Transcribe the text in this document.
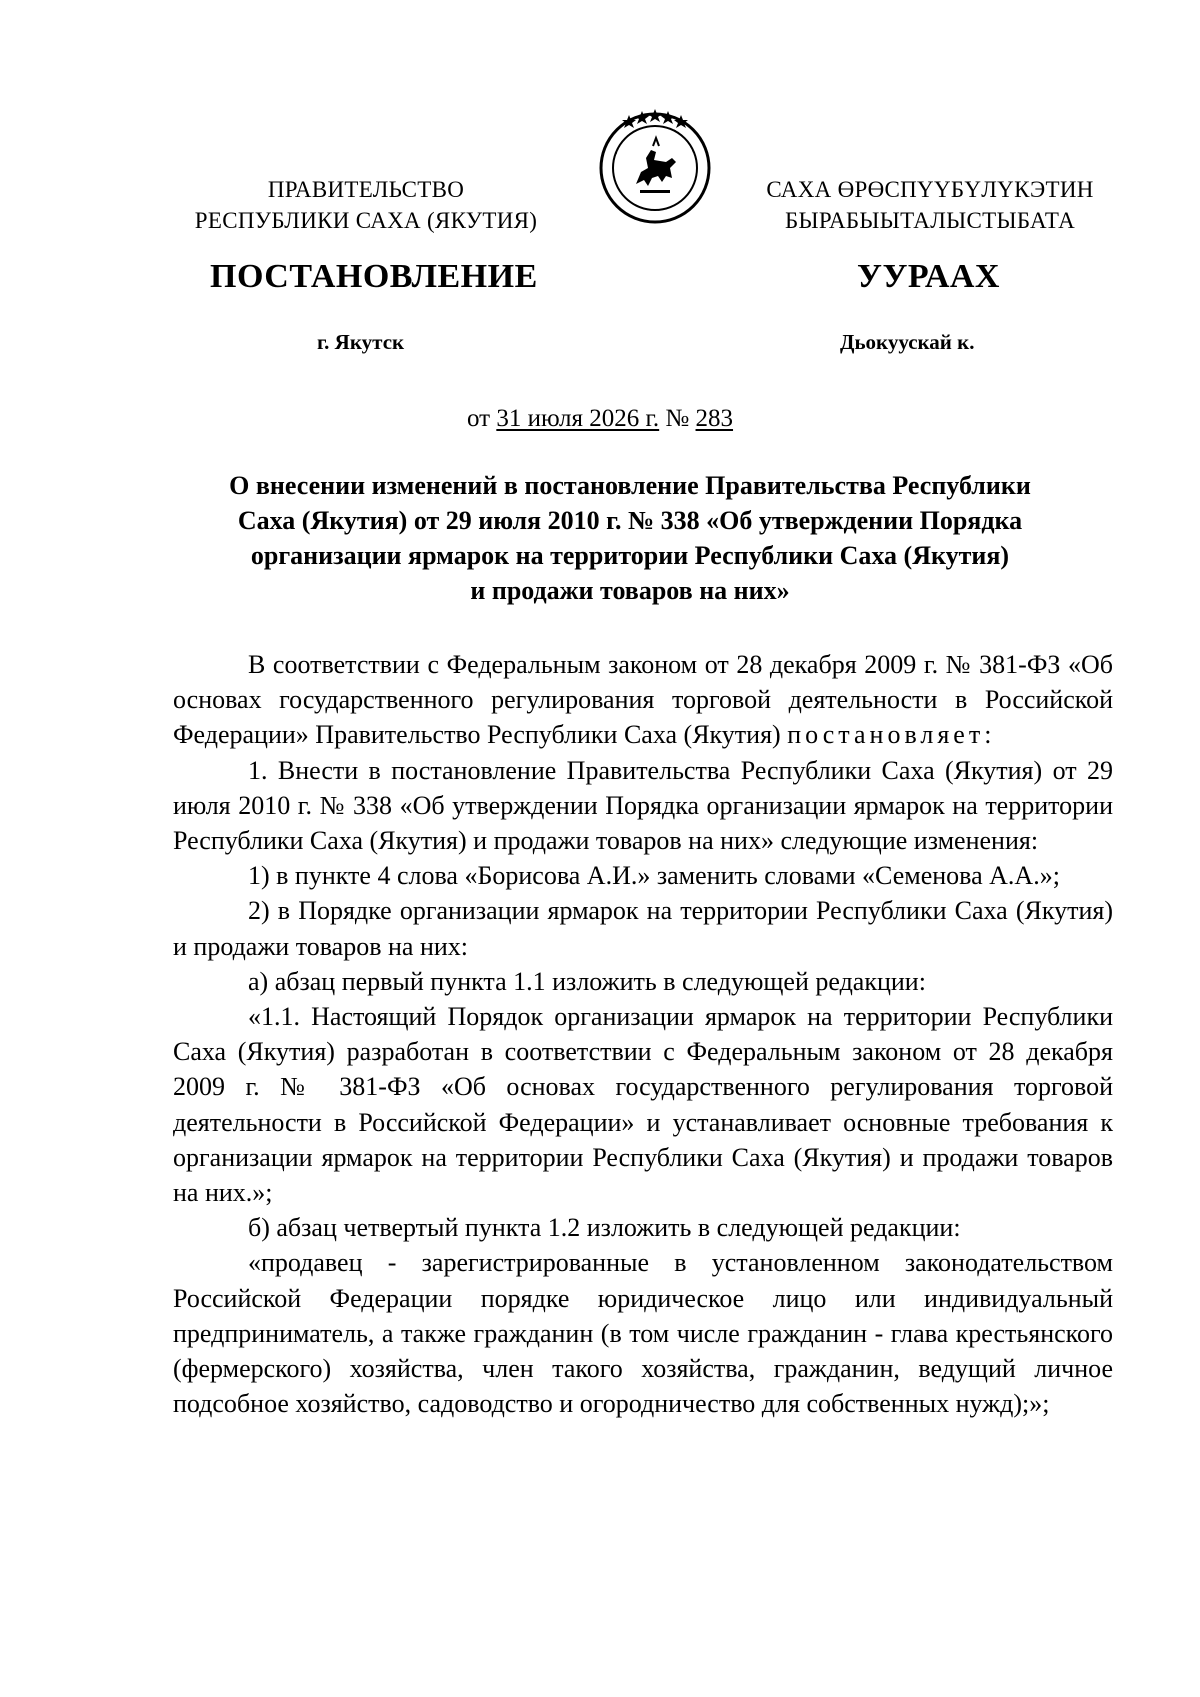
ПРАВИТЕЛЬСТВО
РЕСПУБЛИКИ САХА (ЯКУТИЯ)
САХА ӨРӨСПҮҮБҮЛҮКЭТИН
БЫРАБЫЫТАЛЫСТЫБАТА
ПОСТАНОВЛЕНИЕ	УУРААХ
г. Якутск	Дьокуускай к.
от 31 июля 2026 г. № 283
О внесении изменений в постановление Правительства Республики
Саха (Якутия) от 29 июля 2010 г. № 338 «Об утверждении Порядка
организации ярмарок на территории Республики Саха (Якутия)
и продажи товаров на них»

В соответствии с Федеральным законом от 28 декабря 2009 г. № 381-ФЗ «Об основах государственного регулирования торговой деятельности в Российской Федерации» Правительство Республики Саха (Якутия) постановляет:

1. Внести в постановление Правительства Республики Саха (Якутия) от 29 июля 2010 г. № 338 «Об утверждении Порядка организации ярмарок на территории Республики Саха (Якутия) и продажи товаров на них» следующие изменения:

1) в пункте 4 слова «Борисова А.И.» заменить словами «Семенова А.А.»;

2) в Порядке организации ярмарок на территории Республики Саха (Якутия) и продажи товаров на них:

а) абзац первый пункта 1.1 изложить в следующей редакции:

«1.1. Настоящий Порядок организации ярмарок на территории Республики Саха (Якутия) разработан в соответствии с Федеральным законом от 28 декабря 2009 г. № 381-ФЗ «Об основах государственного регулирования торговой деятельности в Российской Федерации» и устанавливает основные требования к организации ярмарок на территории Республики Саха (Якутия) и продажи товаров на них.»;

б) абзац четвертый пункта 1.2 изложить в следующей редакции:

«продавец - зарегистрированные в установленном законодательством Российской Федерации порядке юридическое лицо или индивидуальный предприниматель, а также гражданин (в том числе гражданин - глава крестьянского (фермерского) хозяйства, член такого хозяйства, гражданин, ведущий личное подсобное хозяйство, садоводство и огородничество для собственных нужд);»;
